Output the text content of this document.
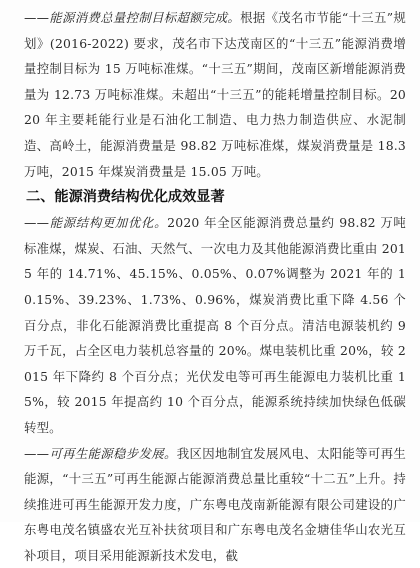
——能源消费总量控制目标超额完成。根据《茂名市节能“十三五”规划》(2016-2022) 要求，茂名市下达茂南区的“十三五”能源消费增量控制目标为 15 万吨标准煤。“十三五”期间，茂南区新增能源消费量为 12.73 万吨标准煤。未超出“十三五”的能耗增量控制目标。2020 年主要耗能行业是石油化工制造、电力热力制造供应、水泥制造、高岭土，能源消费量是 98.82 万吨标准煤，煤炭消费量是 18.3 万吨，2015 年煤炭消费量是 15.05 万吨。

二、能源消费结构优化成效显著

——能源结构更加优化。2020 年全区能源消费总量约 98.82 万吨标准煤，煤炭、石油、天然气、一次电力及其他能源消费比重由 2015 年的 14.71%、45.15%、0.05%、0.07%调整为 2021 年的 10.15%、39.23%、1.73%、0.96%，煤炭消费比重下降 4.56 个百分点，非化石能源消费比重提高 8 个百分点。清洁电源装机约 9 万千瓦，占全区电力装机总容量的 20%。煤电装机比重 20%，较 2015 年下降约 8 个百分点；光伏发电等可再生能源电力装机比重 15%，较 2015 年提高约 10 个百分点，能源系统持续加快绿色低碳转型。

——可再生能源稳步发展。我区因地制宜发展风电、太阳能等可再生能源，“十三五”可再生能源占能源消费总量比重较“十二五”上升。持续推进可再生能源开发力度，广东粤电茂南新能源有限公司建设的广东粤电茂名镇盛农光互补扶贫项目和广东粤电茂名金塘佳华山农光互补项目，项目采用能源新技术发电，截
